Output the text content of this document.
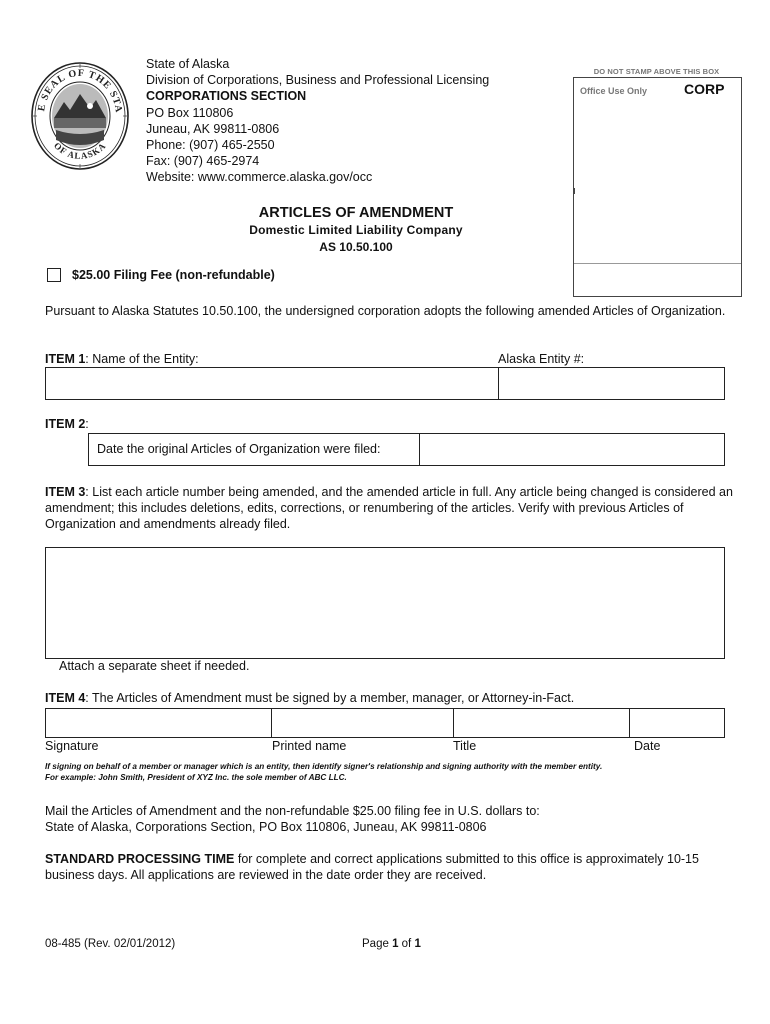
E SEAL OF THE STA
OF ALASKA
State of Alaska
Division of Corporations, Business and Professional Licensing
CORPORATIONS SECTION
PO Box 110806
Juneau, AK 99811-0806
Phone: (907) 465-2550
Fax: (907) 465-2974
Website: www.commerce.alaska.gov/occ
DO NOT STAMP ABOVE THIS BOX
Office Use Only	CORP
ARTICLES OF AMENDMENT
Domestic Limited Liability Company
AS 10.50.100
$25.00 Filing Fee (non-refundable)
Pursuant to Alaska Statutes 10.50.100, the undersigned corporation adopts the following amended Articles of Organization.
ITEM 1: Name of the Entity:	Alaska Entity #:
ITEM 2:
Date the original Articles of Organization were filed:
ITEM 3: List each article number being amended, and the amended article in full. Any article being changed is considered an amendment; this includes deletions, edits, corrections, or renumbering of the articles. Verify with previous Articles of Organization and amendments already filed.
Attach a separate sheet if needed.
ITEM 4: The Articles of Amendment must be signed by a member, manager, or Attorney-in-Fact.
Signature	Printed name	Title	Date
If signing on behalf of a member or manager which is an entity, then identify signer's relationship and signing authority with the member entity.
For example: John Smith, President of XYZ Inc. the sole member of ABC LLC.
Mail the Articles of Amendment and the non-refundable $25.00 filing fee in U.S. dollars to:
State of Alaska, Corporations Section, PO Box 110806, Juneau, AK 99811-0806
STANDARD PROCESSING TIME for complete and correct applications submitted to this office is approximately 10-15 business days. All applications are reviewed in the date order they are received.
08-485 (Rev. 02/01/2012)	Page 1 of 1
